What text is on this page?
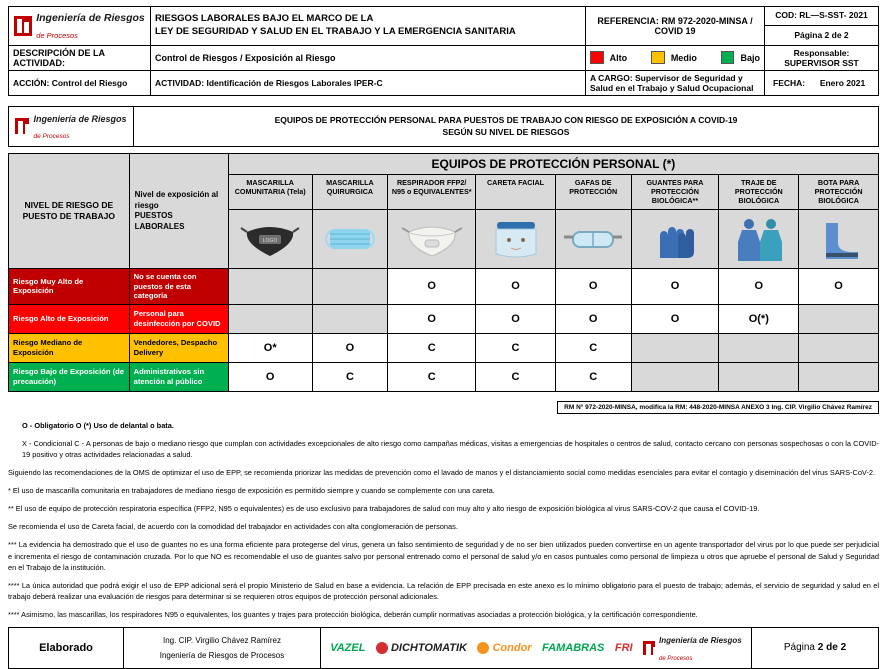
Ingeniería de Riesgos
de Procesos
	RIESGOS LABORALES BAJO EL MARCO DE LA
LEY DE SEGURIDAD Y SALUD EN EL TRABAJO Y LA EMERGENCIA SANITARIA	REFERENCIA: RM 972-2020-MINSA / COVID 19	COD: RL—S-SST- 2021
Página 2 de 2
DESCRIPCIÓN DE LA ACTIVIDAD:	Control de Riesgos / Exposición al Riesgo	Alto	Medio	Bajo	Responsable: SUPERVISOR SST
ACCIÓN: Control del Riesgo	ACTIVIDAD: Identificación de Riesgos Laborales IPER-C	A CARGO: Supervisor de Seguridad y Salud en el Trabajo y Salud Ocupacional	FECHA:	Enero 2021
Ingeniería de Riesgos
de Procesos
	EQUIPOS DE PROTECCIÓN PERSONAL PARA PUESTOS DE TRABAJO CON RIESGO DE EXPOSICIÓN A COVID-19
SEGÚN SU NIVEL DE RIESGOS
NIVEL DE RIESGO DE PUESTO DE TRABAJO	Nivel de exposición al riesgo
PUESTOS LABORALES	EQUIPOS DE PROTECCIÓN PERSONAL (*)							
		MASCARILLA
COMUNITARIA (Tela)	MASCARILLA
QUIRURGICA	RESPIRADOR FFP2/
N95 o EQUIVALENTES*	CARETA FACIAL	GAFAS DE
PROTECCIÓN	GUANTES PARA
PROTECCIÓN BIOLÓGICA**	TRAJE DE
PROTECCIÓN BIOLÓGICA	BOTA PARA
PROTECCIÓN BIOLÓGICA

LOGO

Riesgo Muy Alto de Exposición	No se cuenta con puestos de esta categoría			O	O	O	O	O	O
Riesgo Alto de Exposición	Personal para desinfección por COVID			O	O	O	O	O(*)	
Riesgo Mediano de Exposición	Vendedores, Despacho Delivery	O*	O	C	C	C			
Riesgo Bajo de Exposición (de precaución)	Administrativos sin atención al público	O	C	C	C	C			
RM N° 972-2020-MINSA, modifica la RM: 448-2020-MINSA ANEXO 3 Ing. CIP. Virgilio Chávez Ramírez

O - Obligatorio O (*) Uso de delantal o bata.

X - Condicional C - A personas de bajo o mediano riesgo que cumplan con actividades excepcionales de alto riesgo como campañas médicas, visitas a emergencias de hospitales o centros de salud, contacto cercano con personas sospechosas o con la COVID-19 positivo y otras actividades relacionadas a salud.

Siguiendo las recomendaciones de la OMS de optimizar el uso de EPP, se recomienda priorizar las medidas de prevención como el lavado de manos y el distanciamiento social como medidas esenciales para evitar el contagio y diseminación del virus SARS-CoV-2.

* El uso de mascarilla comunitaria en trabajadores de mediano riesgo de exposición es permitido siempre y cuando se complemente con una careta.

** El uso de equipo de protección respiratoria específica (FFP2, N95 o equivalentes) es de uso exclusivo para trabajadores de salud con muy alto y alto riesgo de exposición biológica al virus SARS-COV-2 que causa el COVID-19.

Se recomienda el uso de Careta facial, de acuerdo con la comodidad del trabajador en actividades con alta conglomeración de personas.

*** La evidencia ha demostrado que el uso de guantes no es una forma eficiente para protegerse del virus, genera un falso sentimiento de seguridad y de no ser bien utilizados pueden convertirse en un agente transportador del virus por lo que puede ser perjudicial e incrementa el riesgo de contaminación cruzada. Por lo que NO es recomendable el uso de guantes salvo por personal entrenado como el personal de salud y/o en casos puntuales como personal de limpieza u otros que apruebe el personal de Salud y Seguridad en el Trabajo de la institución.

**** La única autoridad que podrá exigir el uso de EPP adicional será el propio Ministerio de Salud en base a evidencia. La relación de EPP precisada en este anexo es lo mínimo obligatorio para el puesto de trabajo; además, el servicio de seguridad y salud en el trabajo deberá realizar una evaluación de riesgos para determinar si se requieren otros equipos de protección personal adicionales.

**** Asimismo, las mascarillas, los respiradores N95 o equivalentes, los guantes y trajes para protección biológica, deberán cumplir normativas asociadas a protección biológica, y la certificación correspondiente.

Elaborado	Ing. CIP. Virgilio Chávez Ramírez
Ingeniería de Riesgos de Procesos	
VAZEL	DICHTOMATIK	Condor FAMABRAS FRI
Ingeniería de Riesgos
de Procesos
	Página 2 de 2
